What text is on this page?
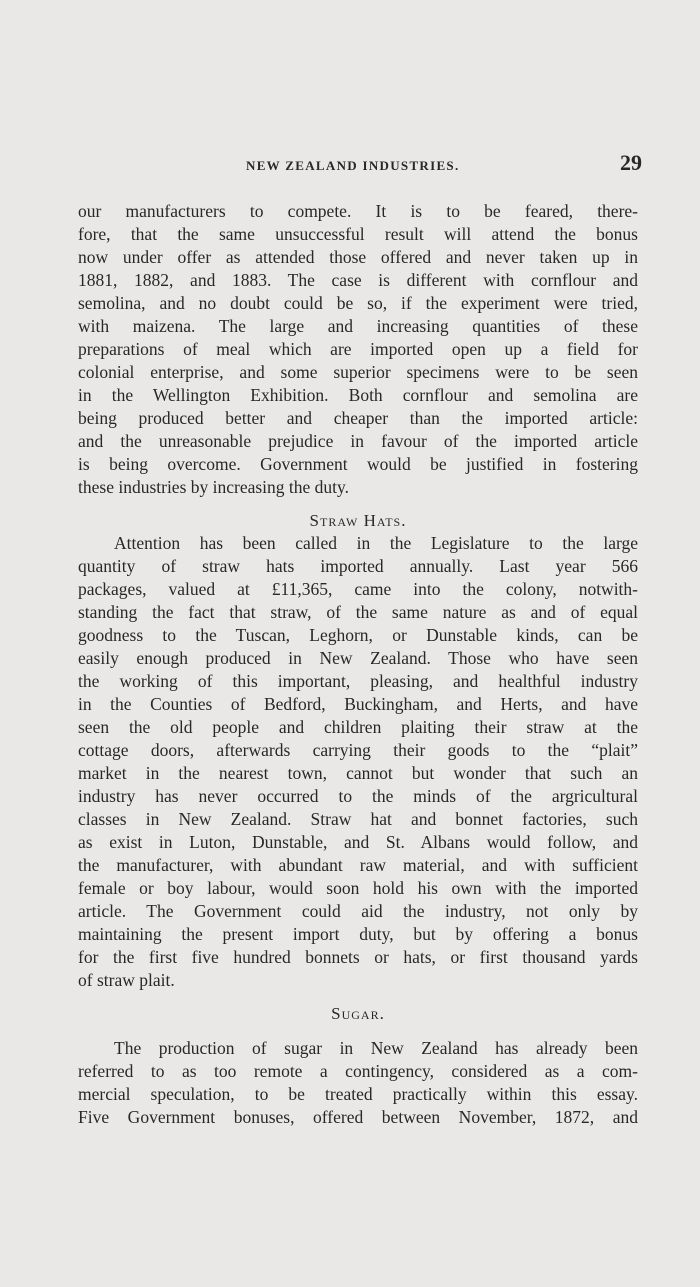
NEW ZEALAND INDUSTRIES.	29
our manufacturers to compete. It is to be feared, there-
fore, that the same unsuccessful result will attend the bonus
now under offer as attended those offered and never taken up in
1881, 1882, and 1883. The case is different with cornflour and
semolina, and no doubt could be so, if the experiment were tried,
with maizena. The large and increasing quantities of these
preparations of meal which are imported open up a field for
colonial enterprise, and some superior specimens were to be seen
in the Wellington Exhibition. Both cornflour and semolina are
being produced better and cheaper than the imported article:
and the unreasonable prejudice in favour of the imported article
is being overcome. Government would be justified in fostering
these industries by increasing the duty.
Straw Hats.
Attention has been called in the Legislature to the large
quantity of straw hats imported annually. Last year 566
packages, valued at £11,365, came into the colony, notwith-
standing the fact that straw, of the same nature as and of equal
goodness to the Tuscan, Leghorn, or Dunstable kinds, can be
easily enough produced in New Zealand. Those who have seen
the working of this important, pleasing, and healthful industry
in the Counties of Bedford, Buckingham, and Herts, and have
seen the old people and children plaiting their straw at the
cottage doors, afterwards carrying their goods to the “plait”
market in the nearest town, cannot but wonder that such an
industry has never occurred to the minds of the argricultural
classes in New Zealand. Straw hat and bonnet factories, such
as exist in Luton, Dunstable, and St. Albans would follow, and
the manufacturer, with abundant raw material, and with sufficient
female or boy labour, would soon hold his own with the imported
article. The Government could aid the industry, not only by
maintaining the present import duty, but by offering a bonus
for the first five hundred bonnets or hats, or first thousand yards
of straw plait.
Sugar.
The production of sugar in New Zealand has already been
referred to as too remote a contingency, considered as a com-
mercial speculation, to be treated practically within this essay.
Five Government bonuses, offered between November, 1872, and
